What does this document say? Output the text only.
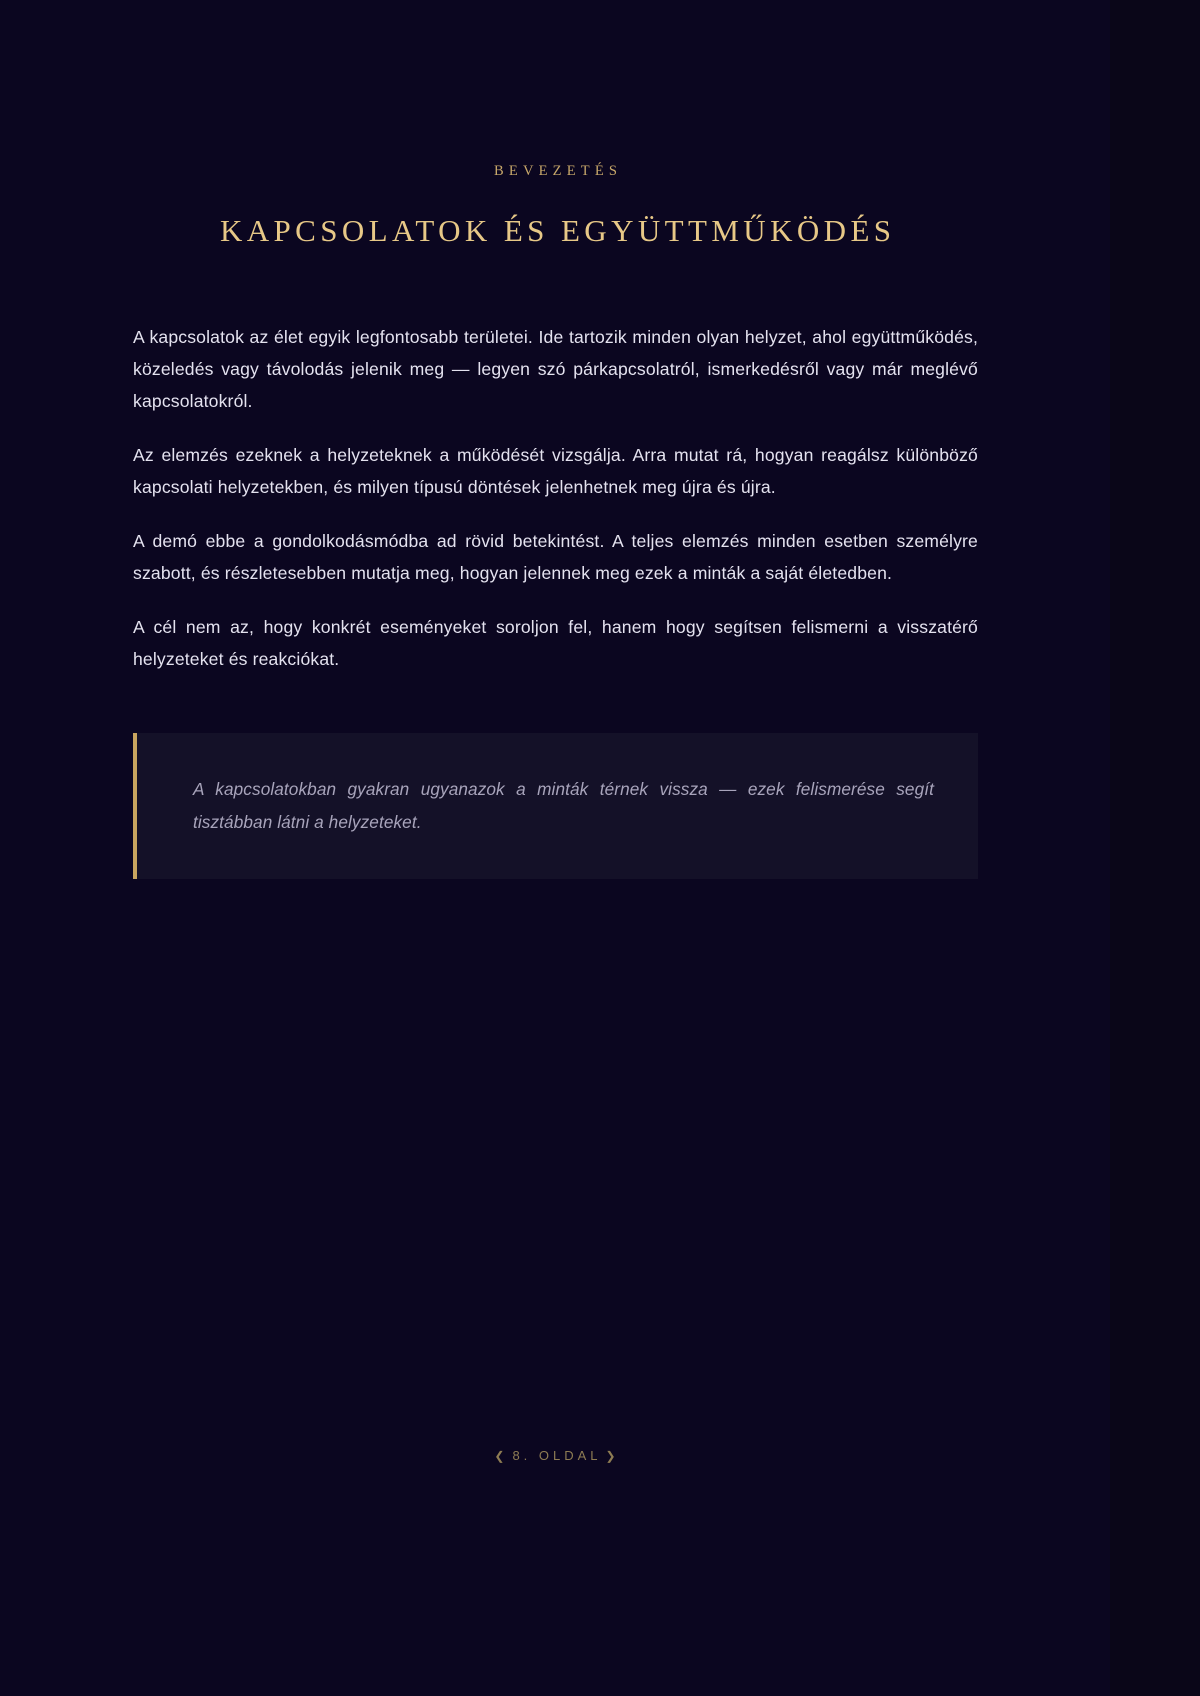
BEVEZETÉS
KAPCSOLATOK ÉS EGYÜTTMŰKÖDÉS

A kapcsolatok az élet egyik legfontosabb területei. Ide tartozik minden olyan helyzet, ahol együttműködés, közeledés vagy távolodás jelenik meg — legyen szó párkapcsolatról, ismerkedésről vagy már meglévő kapcsolatokról.

Az elemzés ezeknek a helyzeteknek a működését vizsgálja. Arra mutat rá, hogyan reagálsz különböző kapcsolati helyzetekben, és milyen típusú döntések jelenhetnek meg újra és újra.

A demó ebbe a gondolkodásmódba ad rövid betekintést. A teljes elemzés minden esetben személyre szabott, és részletesebben mutatja meg, hogyan jelennek meg ezek a minták a saját életedben.

A cél nem az, hogy konkrét eseményeket soroljon fel, hanem hogy segítsen felismerni a visszatérő helyzeteket és reakciókat.

A kapcsolatokban gyakran ugyanazok a minták térnek vissza — ezek felismerése segít tisztábban látni a helyzeteket.

❮ 8. OLDAL ❯
